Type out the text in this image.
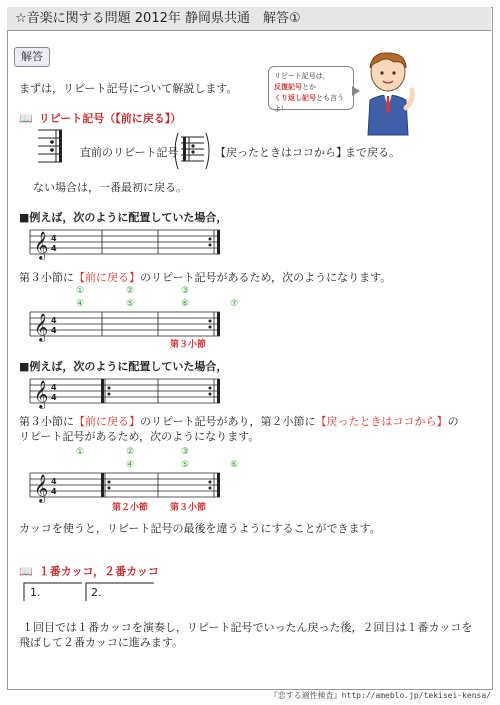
☆音楽に関する問題 2012年 静岡県共通　解答①
解答
まずは，リピート記号について解説します。
リピート記号は，
反復記号とか
くり返し記号とも言うよ！
📖 リピート記号（【前に戻る】）
直前のリピート記号	【戻ったときはココから】
まで戻る。
ない場合は，一番最初に戻る。
■例えば，次のように配置していた場合，
𝄞 4
4
第３小節に【前に戻る】のリピート記号があるため，次のようになります。
①	②	③
④	⑤	⑥	⑦
𝄞 4
4
第３小節
■例えば，次のように配置していた場合，
𝄞 4
4
第３小節に【前に戻る】のリピート記号があり，第２小節に【戻ったときはココから】の
リピート記号があるため，次のようになります。
①	②	③
④	⑤	⑥
𝄞 4
4
第２小節 第３小節
カッコを使うと，リピート記号の最後を違うようにすることができます。
📖 １番カッコ，２番カッコ
1.	2.
１回目では１番カッコを演奏し，リピート記号でいったん戻った後，２回目は１番カッコを
飛ばして２番カッコに進みます。
『恋する適性検査』http://ameblo.jp/tekisei-kensa/
